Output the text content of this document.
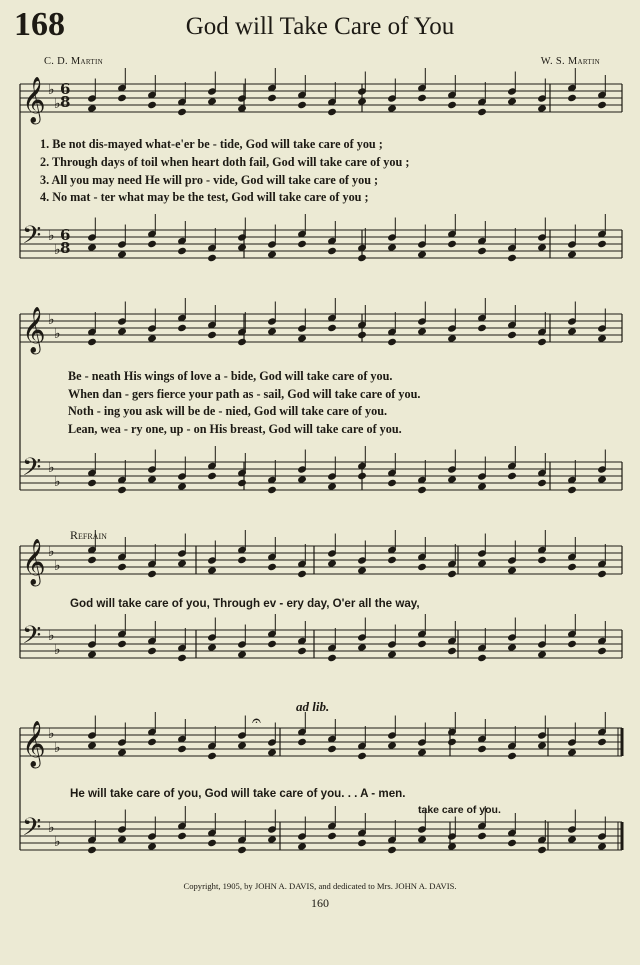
168	God will Take Care of You
C. D. Martin	W. S. Martin
𝄞 ♭
♭
𝄢 ♭
♭
𝄞 ♭
♭
𝄢 ♭
♭
𝄞 ♭
♭
𝄢 ♭
♭
𝄞 ♭
♭
𝄢 ♭
♭
6
6
8
8
𝄐
1. Be not dis-mayed what-e'er be - tide, God will take care of you ;
2. Through days of toil when heart doth fail, God will take care of you ;
3. All you may need He will pro - vide, God will take care of you ;
4. No mat - ter what may be the test, God will take care of you ;
Be - neath His wings of love a - bide, God will take care of you.
When dan - gers fierce your path as - sail, God will take care of you.
Noth - ing you ask will be de - nied, God will take care of you.
Lean, wea - ry one, up - on His breast, God will take care of you.
Refrain
God will take care of you, Through ev - ery day, O'er all the way,
ad lib.
He will take care of you, God will take care of you. . . A - men.
take care of you.
Copyright, 1905, by JOHN A. DAVIS, and dedicated to Mrs. JOHN A. DAVIS.
160
